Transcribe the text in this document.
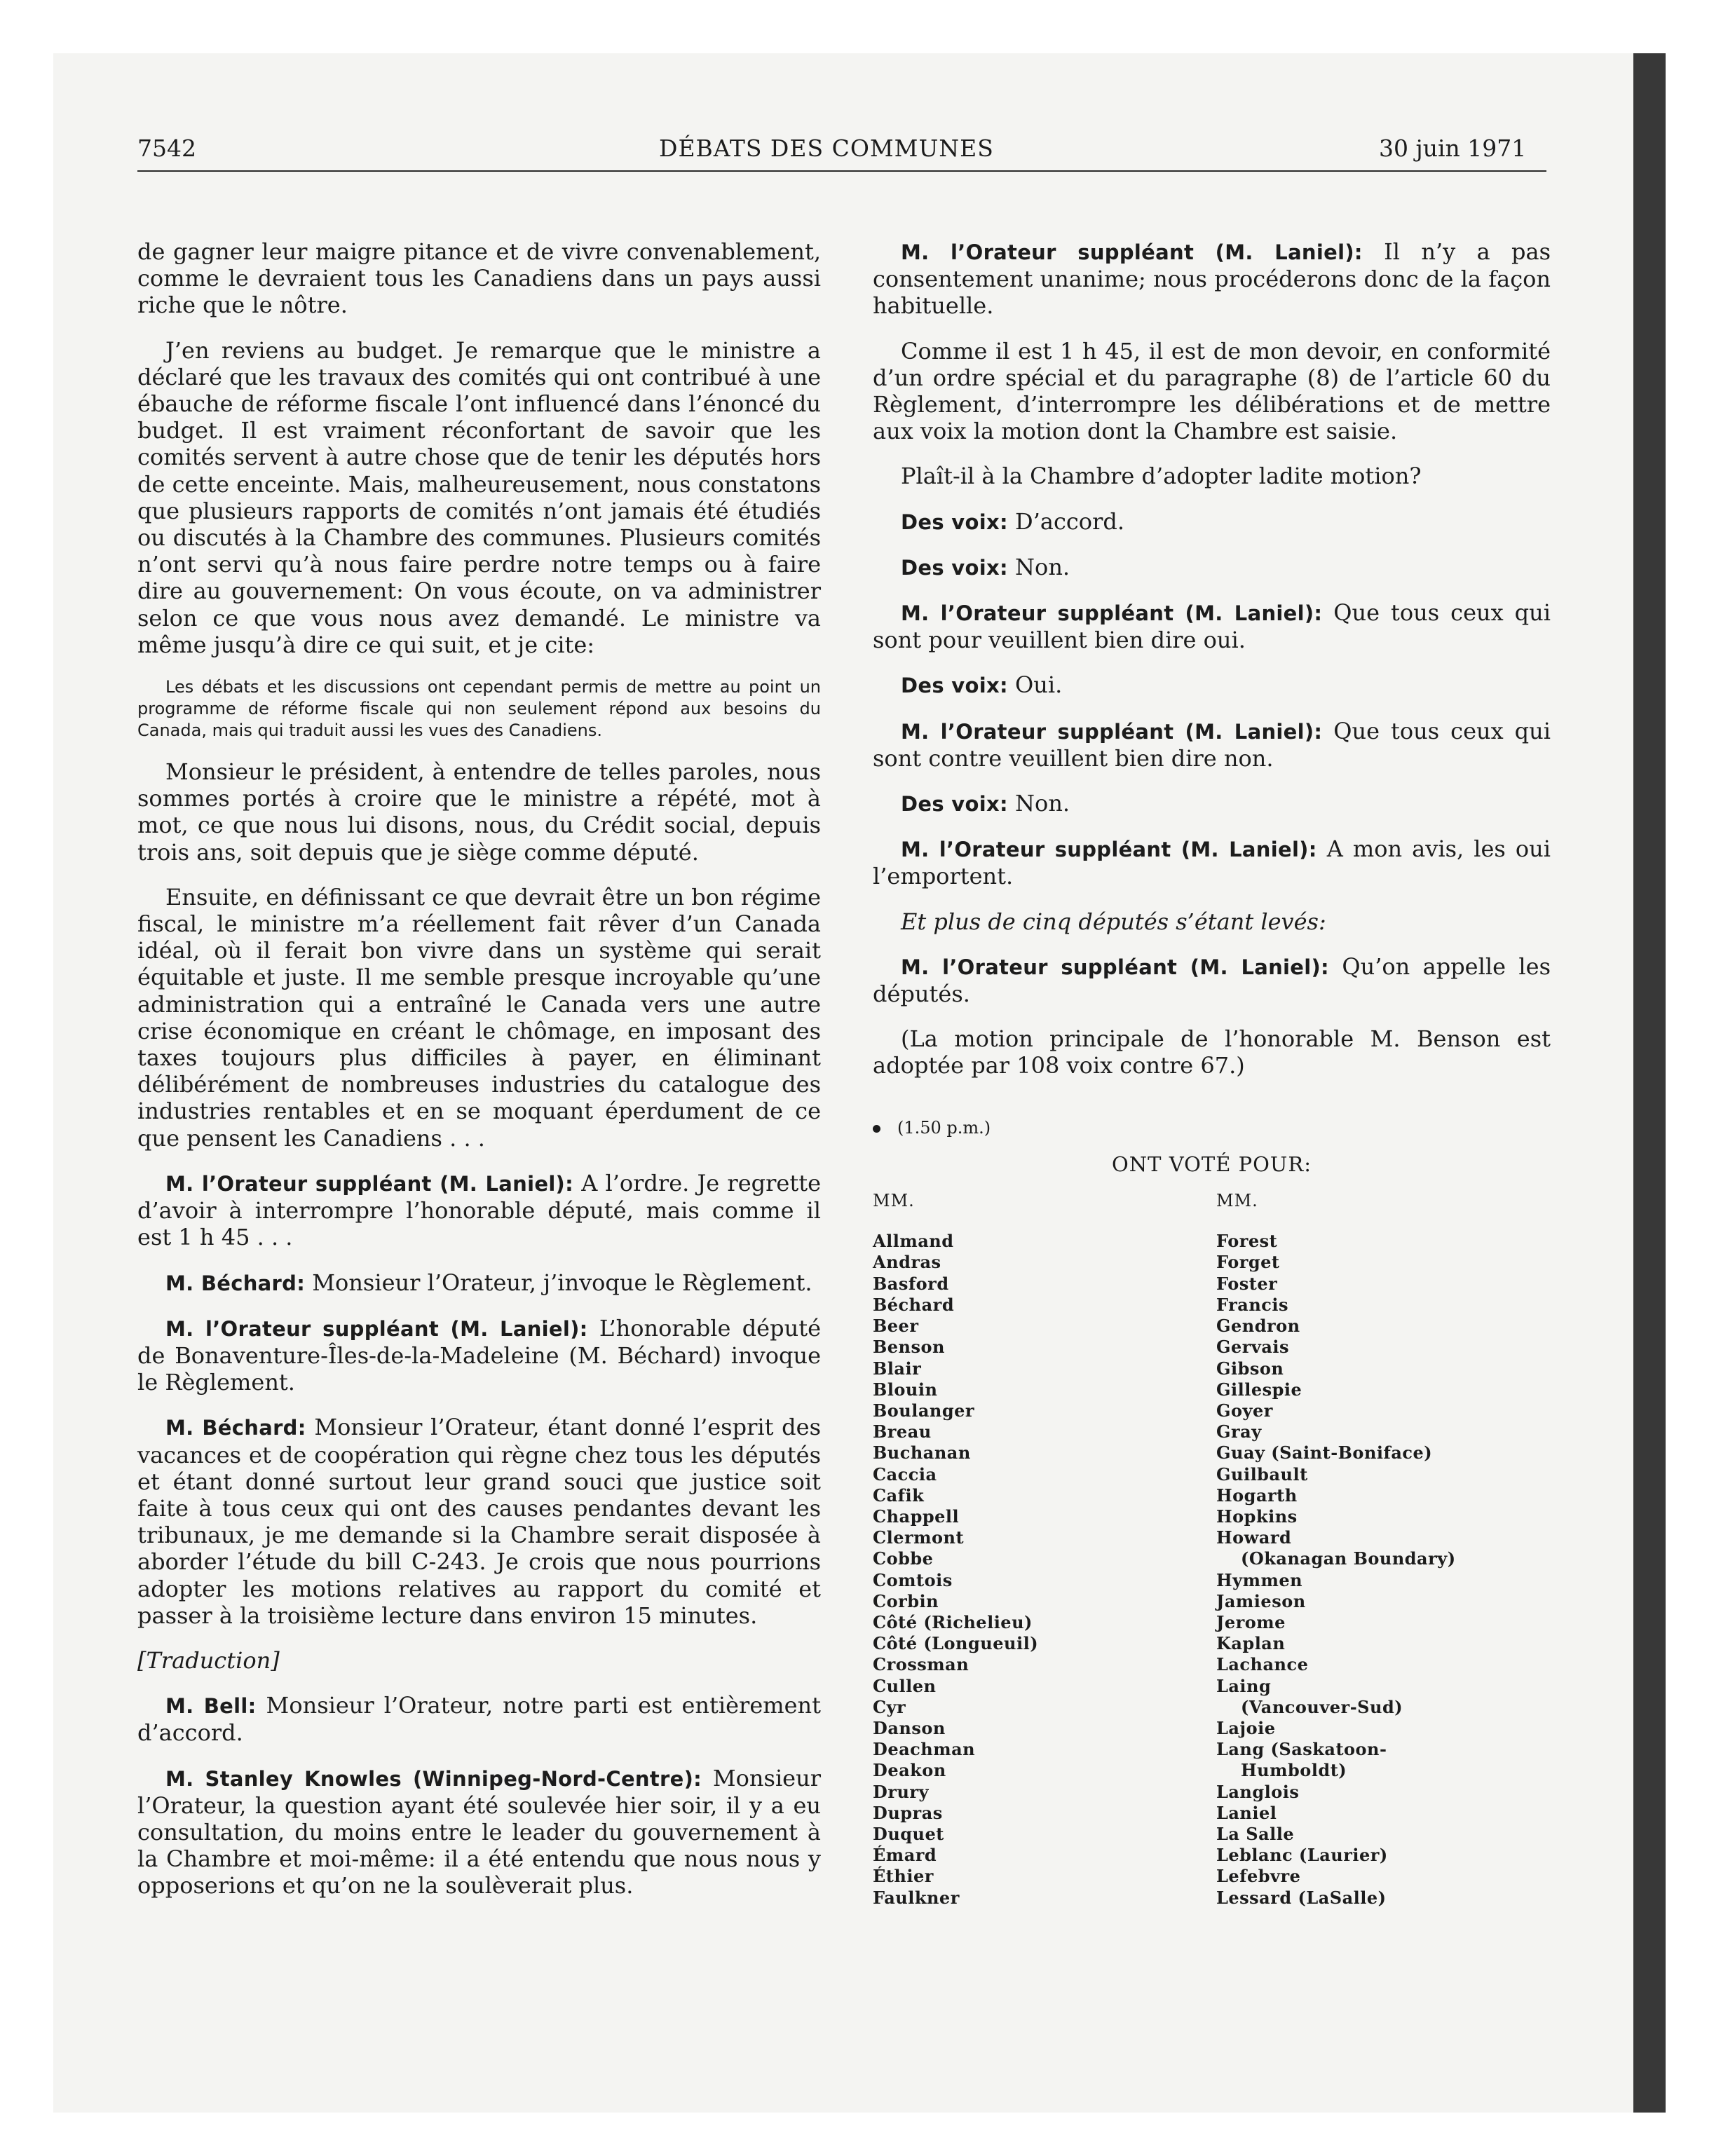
7542	DÉBATS DES COMMUNES	30 juin 1971

de gagner leur maigre pitance et de vivre convenablement, comme le devraient tous les Canadiens dans un pays aussi riche que le nôtre.

J’en reviens au budget. Je remarque que le ministre a déclaré que les travaux des comités qui ont contribué à une ébauche de réforme fiscale l’ont influencé dans l’énoncé du budget. Il est vraiment réconfortant de savoir que les comités servent à autre chose que de tenir les députés hors de cette enceinte. Mais, malheureusement, nous constatons que plusieurs rapports de comités n’ont jamais été étudiés ou discutés à la Chambre des communes. Plusieurs comités n’ont servi qu’à nous faire perdre notre temps ou à faire dire au gouvernement: On vous écoute, on va administrer selon ce que vous nous avez demandé. Le ministre va même jusqu’à dire ce qui suit, et je cite:

Les débats et les discussions ont cependant permis de mettre au point un programme de réforme fiscale qui non seulement répond aux besoins du Canada, mais qui traduit aussi les vues des Canadiens.

Monsieur le président, à entendre de telles paroles, nous sommes portés à croire que le ministre a répété, mot à mot, ce que nous lui disons, nous, du Crédit social, depuis trois ans, soit depuis que je siège comme député.

Ensuite, en définissant ce que devrait être un bon régime fiscal, le ministre m’a réellement fait rêver d’un Canada idéal, où il ferait bon vivre dans un système qui serait équitable et juste. Il me semble presque incroyable qu’une administration qui a entraîné le Canada vers une autre crise économique en créant le chômage, en imposant des taxes toujours plus difficiles à payer, en éliminant délibérément de nombreuses industries du catalogue des industries rentables et en se moquant éperdument de ce que pensent les Canadiens . . .

M. l’Orateur suppléant (M. Laniel): A l’ordre. Je regrette d’avoir à interrompre l’honorable député, mais comme il est 1 h 45 . . .

M. Béchard: Monsieur l’Orateur, j’invoque le Règlement.

M. l’Orateur suppléant (M. Laniel): L’honorable député de Bonaventure-Îles-de-la-Madeleine (M. Béchard) invoque le Règlement.

M. Béchard: Monsieur l’Orateur, étant donné l’esprit des vacances et de coopération qui règne chez tous les députés et étant donné surtout leur grand souci que justice soit faite à tous ceux qui ont des causes pendantes devant les tribunaux, je me demande si la Chambre serait disposée à aborder l’étude du bill C-243. Je crois que nous pourrions adopter les motions relatives au rapport du comité et passer à la troisième lecture dans environ 15 minutes.

[Traduction]

M. Bell: Monsieur l’Orateur, notre parti est entièrement d’accord.

M. Stanley Knowles (Winnipeg-Nord-Centre): Monsieur l’Orateur, la question ayant été soulevée hier soir, il y a eu consultation, du moins entre le leader du gouvernement à la Chambre et moi-même: il a été entendu que nous nous y opposerions et qu’on ne la soulèverait plus.

M. l’Orateur suppléant (M. Laniel): Il n’y a pas consentement unanime; nous procéderons donc de la façon habituelle.

Comme il est 1 h 45, il est de mon devoir, en conformité d’un ordre spécial et du paragraphe (8) de l’article 60 du Règlement, d’interrompre les délibérations et de mettre aux voix la motion dont la Chambre est saisie.

Plaît-il à la Chambre d’adopter ladite motion?

Des voix: D’accord.

Des voix: Non.

M. l’Orateur suppléant (M. Laniel): Que tous ceux qui sont pour veuillent bien dire oui.

Des voix: Oui.

M. l’Orateur suppléant (M. Laniel): Que tous ceux qui sont contre veuillent bien dire non.

Des voix: Non.

M. l’Orateur suppléant (M. Laniel): A mon avis, les oui l’emportent.

Et plus de cinq députés s’étant levés:

M. l’Orateur suppléant (M. Laniel): Qu’on appelle les députés.

(La motion principale de l’honorable M. Benson est adoptée par 108 voix contre 67.)

(1.50 p.m.)
ONT VOTÉ POUR:
MM.
Allmand
Andras
Basford
Béchard
Beer
Benson
Blair
Blouin
Boulanger
Breau
Buchanan
Caccia
Cafik
Chappell
Clermont
Cobbe
Comtois
Corbin
Côté (Richelieu)
Côté (Longueuil)
Crossman
Cullen
Cyr
Danson
Deachman
Deakon
Drury
Dupras
Duquet
Émard
Éthier
Faulkner
MM.
Forest
Forget
Foster
Francis
Gendron
Gervais
Gibson
Gillespie
Goyer
Gray
Guay (Saint-Boniface)
Guilbault
Hogarth
Hopkins
Howard
(Okanagan Boundary)
Hymmen
Jamieson
Jerome
Kaplan
Lachance
Laing
(Vancouver-Sud)
Lajoie
Lang (Saskatoon-
Humboldt)
Langlois
Laniel
La Salle
Leblanc (Laurier)
Lefebvre
Lessard (LaSalle)
